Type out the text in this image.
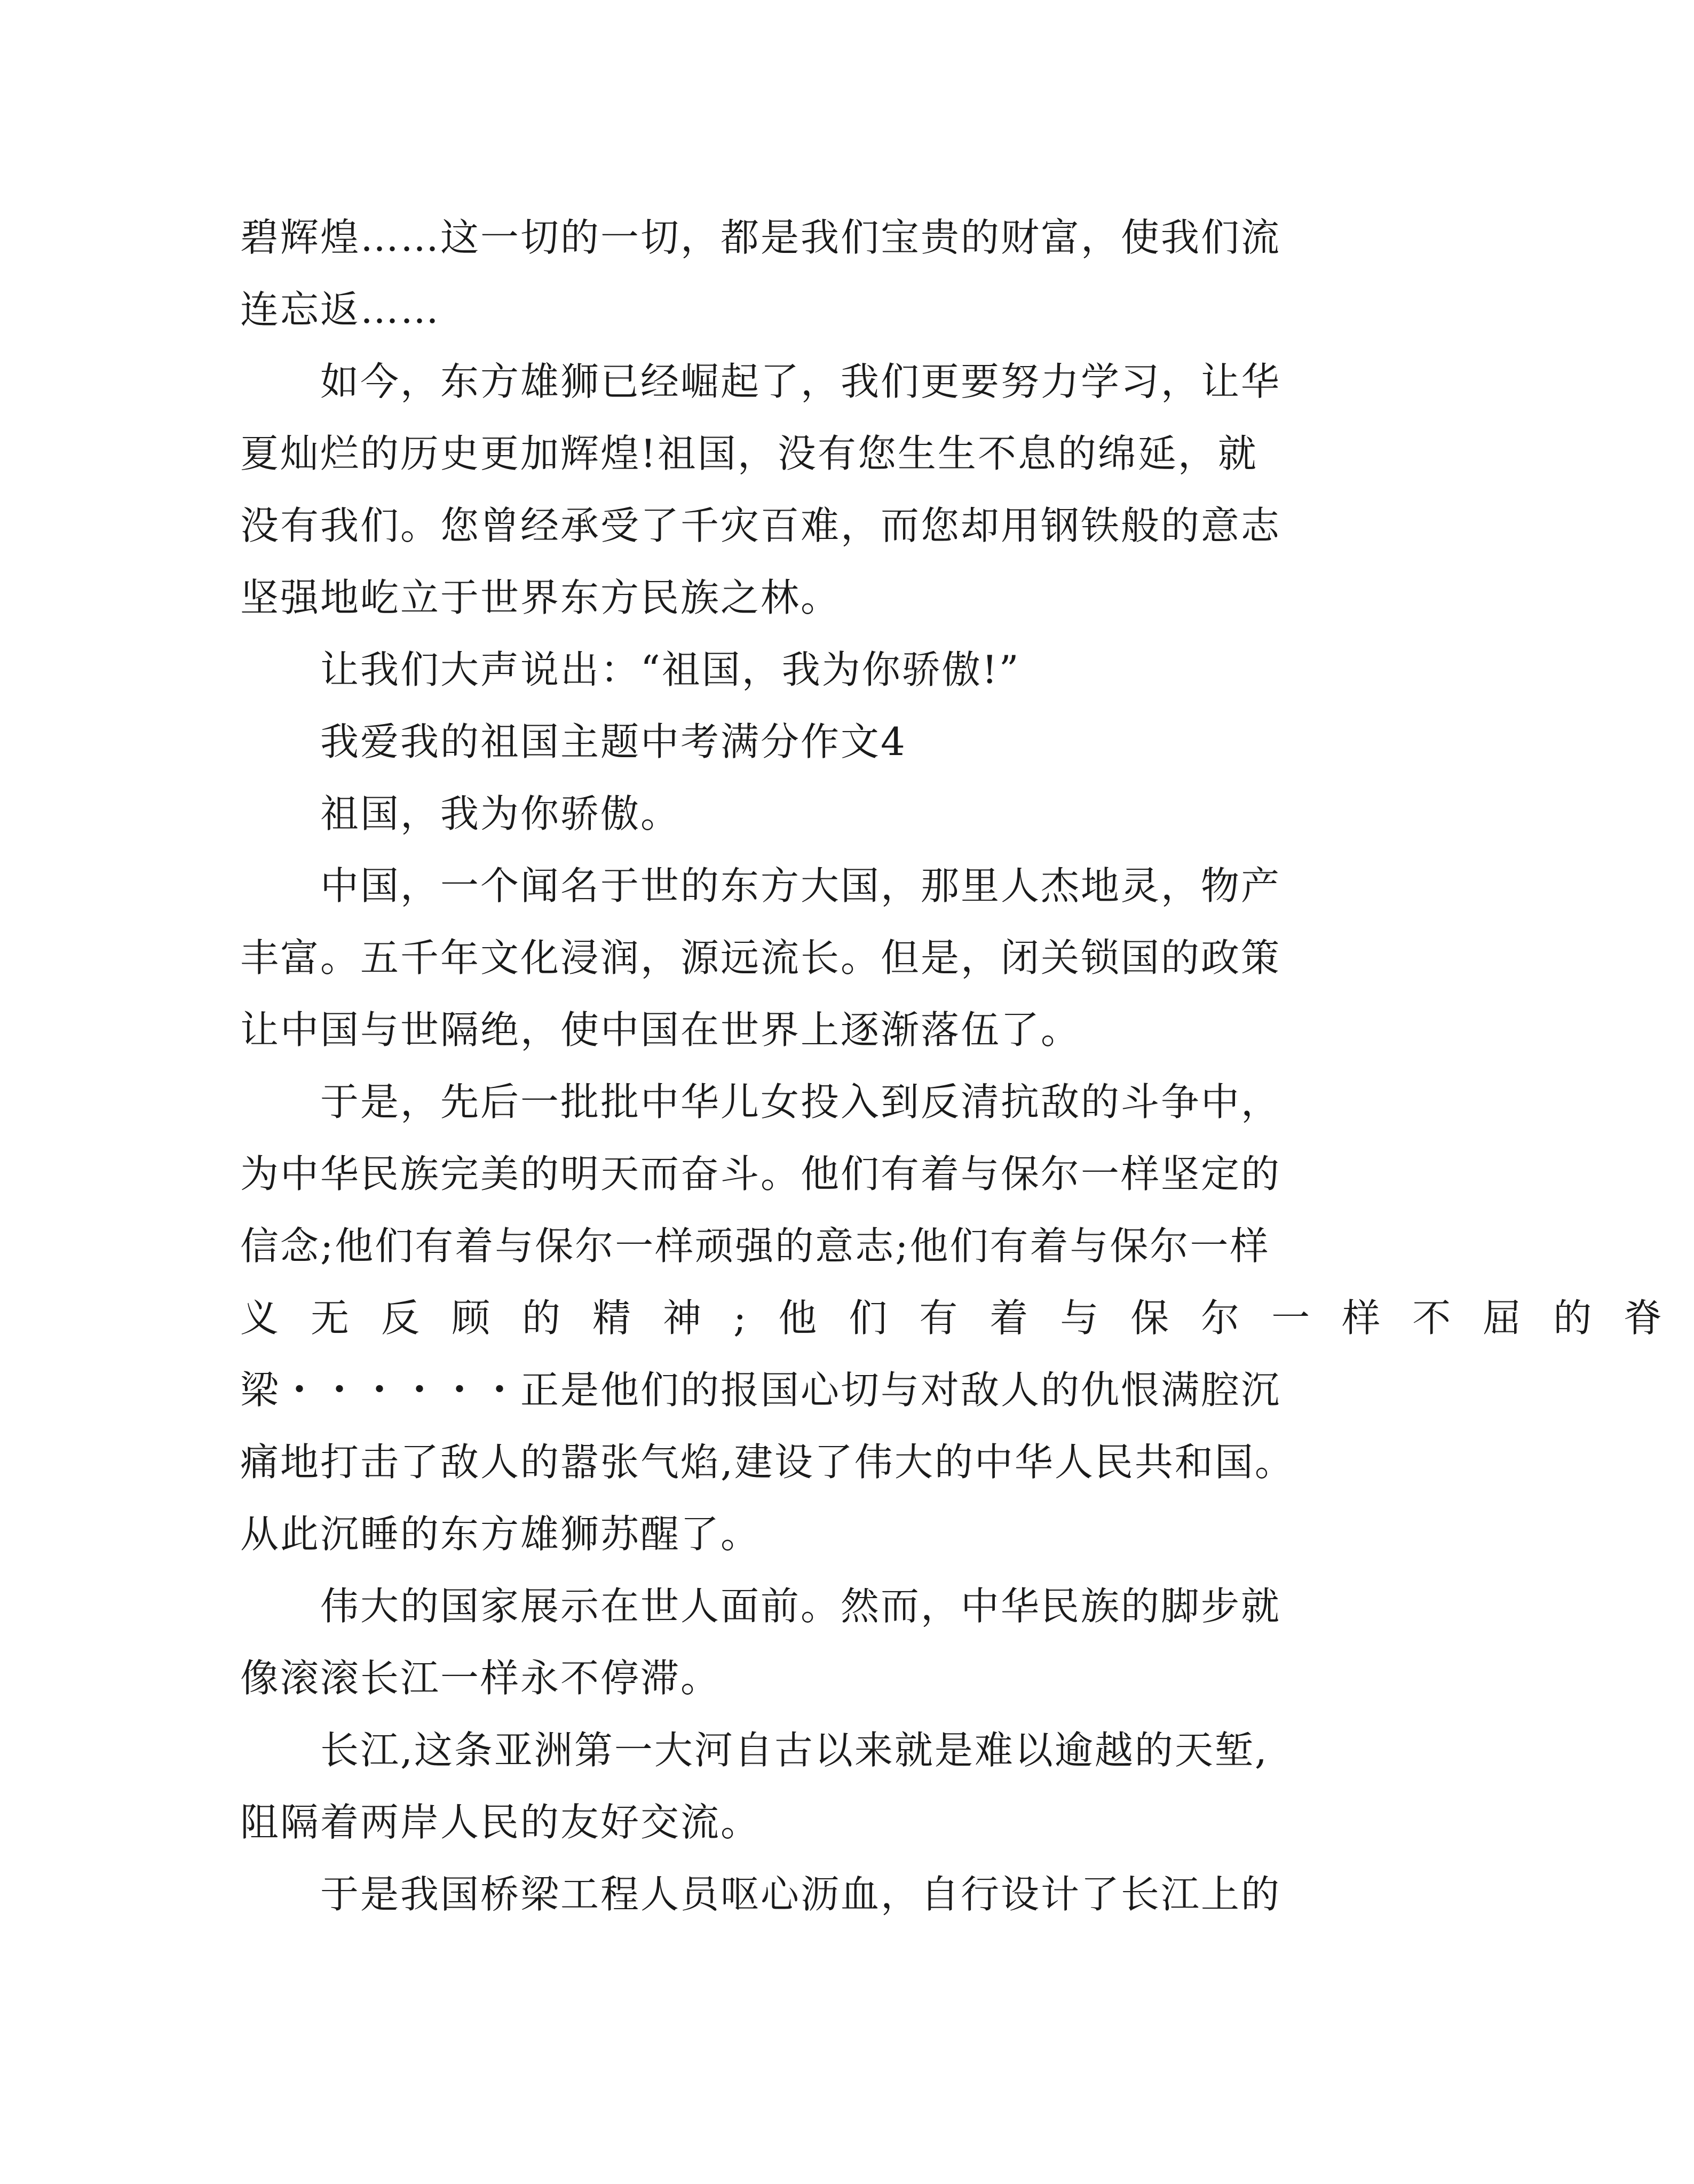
碧辉煌……这一切的一切，都是我们宝贵的财富，使我们流
连忘返……
如今，东方雄狮已经崛起了，我们更要努力学习，让华
夏灿烂的历史更加辉煌!祖国，没有您生生不息的绵延，就
没有我们。您曾经承受了千灾百难，而您却用钢铁般的意志
坚强地屹立于世界东方民族之林。
让我们大声说出：“祖国，我为你骄傲!”
我爱我的祖国主题中考满分作文4
祖国，我为你骄傲。
中国，一个闻名于世的东方大国，那里人杰地灵，物产
丰富。五千年文化浸润，源远流长。但是，闭关锁国的政策
让中国与世隔绝，使中国在世界上逐渐落伍了。
于是，先后一批批中华儿女投入到反清抗敌的斗争中，
为中华民族完美的明天而奋斗。他们有着与保尔一样坚定的
信念;他们有着与保尔一样顽强的意志;他们有着与保尔一样
义无反顾的精神;他们有着与保尔一样不屈的脊
梁・・・・・・正是他们的报国心切与对敌人的仇恨满腔沉
痛地打击了敌人的嚣张气焰,建设了伟大的中华人民共和国。
从此沉睡的东方雄狮苏醒了。
伟大的国家展示在世人面前。然而，中华民族的脚步就
像滚滚长江一样永不停滞。
长江,这条亚洲第一大河自古以来就是难以逾越的天堑,
阻隔着两岸人民的友好交流。
于是我国桥梁工程人员呕心沥血，自行设计了长江上的
